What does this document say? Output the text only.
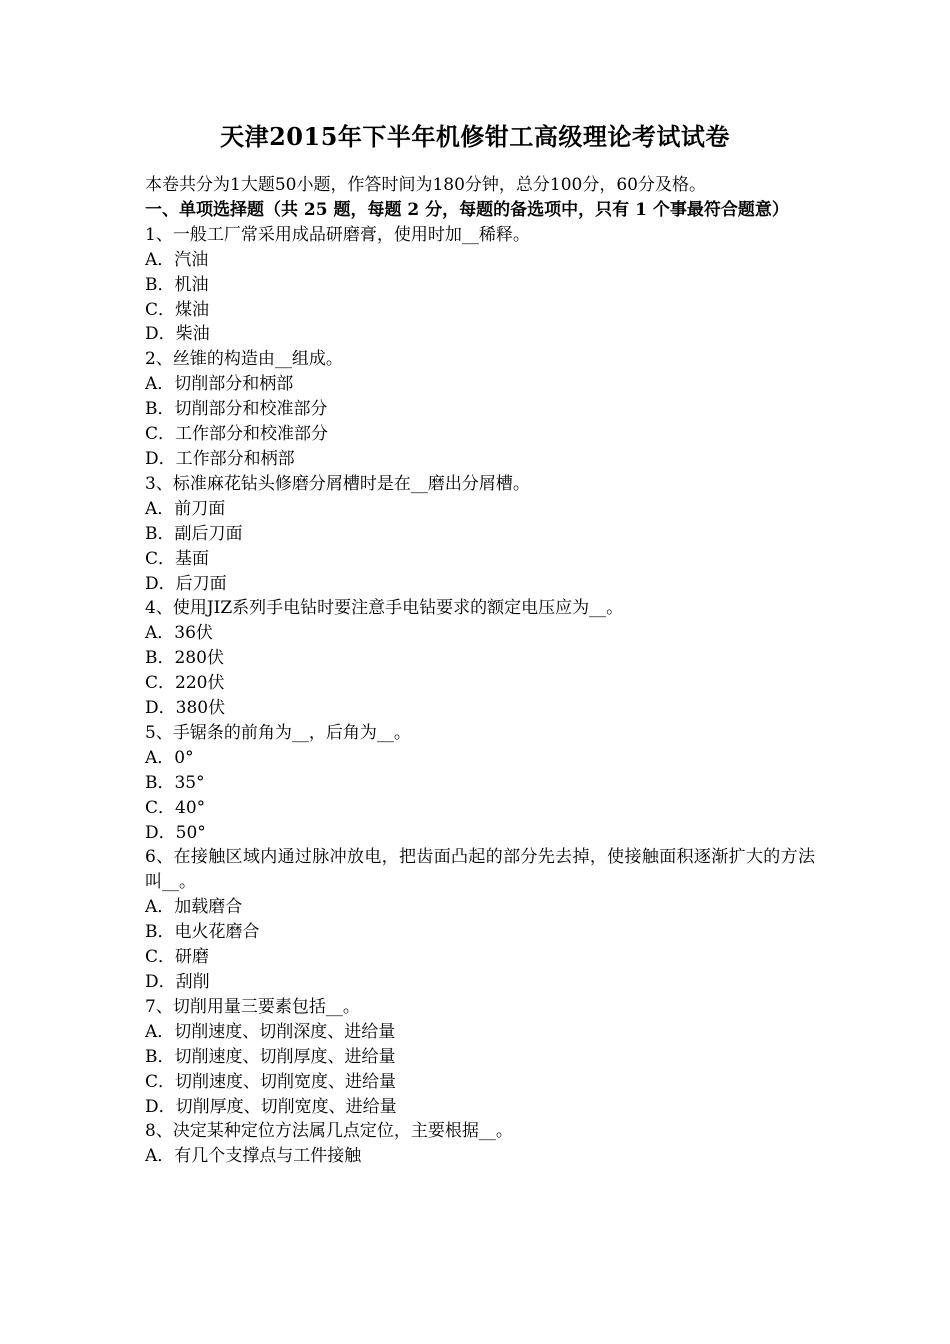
天津2015年下半年机修钳工高级理论考试试卷
本卷共分为1大题50小题，作答时间为180分钟，总分100分，60分及格。
一、单项选择题（共 25 题，每题 2 分，每题的备选项中，只有 1 个事最符合题意）
1、一般工厂常采用成品研磨膏，使用时加__稀释。
A．汽油
B．机油
C．煤油
D．柴油
2、丝锥的构造由__组成。
A．切削部分和柄部
B．切削部分和校准部分
C．工作部分和校准部分
D．工作部分和柄部
3、标准麻花钻头修磨分屑槽时是在__磨出分屑槽。
A．前刀面
B．副后刀面
C．基面
D．后刀面
4、使用JIZ系列手电钻时要注意手电钻要求的额定电压应为__。
A．36伏
B．280伏
C．220伏
D．380伏
5、手锯条的前角为__，后角为__。
A．0°
B．35°
C．40°
D．50°
6、在接触区域内通过脉冲放电，把齿面凸起的部分先去掉，使接触面积逐渐扩大的方法叫__。
A．加载磨合
B．电火花磨合
C．研磨
D．刮削
7、切削用量三要素包括__。
A．切削速度、切削深度、进给量
B．切削速度、切削厚度、进给量
C．切削速度、切削宽度、进给量
D．切削厚度、切削宽度、进给量
8、决定某种定位方法属几点定位，主要根据__。
A．有几个支撑点与工件接触
